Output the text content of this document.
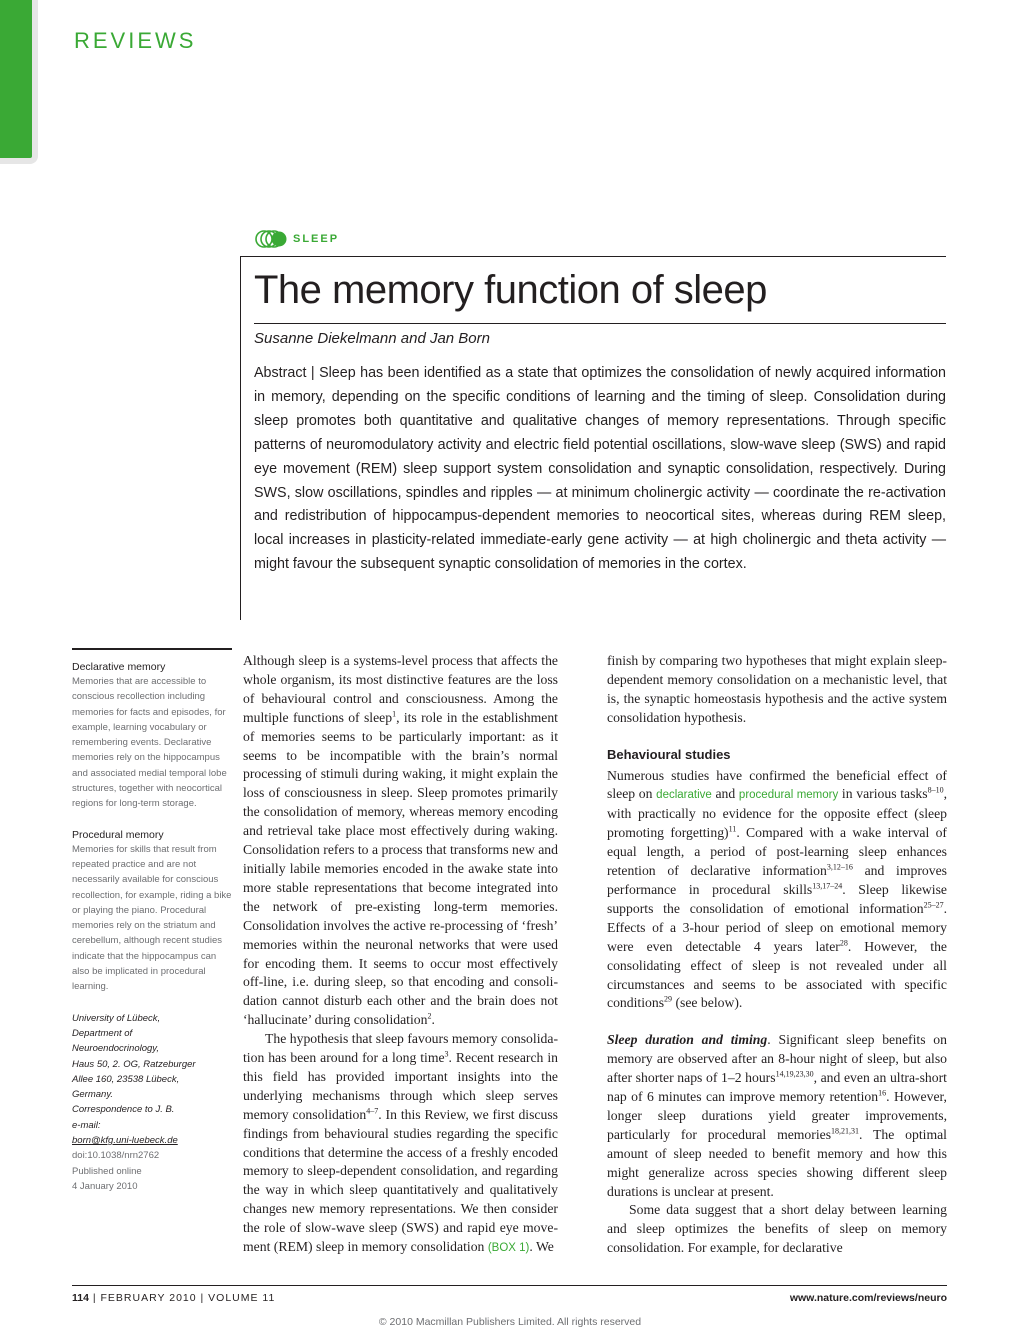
REVIEWS
SLEEP
The memory function of sleep
Susanne Diekelmann and Jan Born

Abstract | Sleep has been identified as a state that optimizes the consolidation of newly acquired information in memory, depending on the specific conditions of learning and the timing of sleep. Consolidation during sleep promotes both quantitative and qualitative changes of memory representations. Through specific patterns of neuromodulatory activity and electric field potential oscillations, slow-wave sleep (SWS) and rapid eye movement (REM) sleep support system consolidation and synaptic consolidation, respectively. During SWS, slow oscillations, spindles and ripples — at minimum cholinergic activity — coordinate the re-activation and redistribution of hippocampus-dependent memories to neocortical sites, whereas during REM sleep, local increases in plasticity-related immediate-early gene activity — at high cholinergic and theta activity — might favour the subsequent synaptic consolidation of memories in the cortex.

Declarative memory
Memories that are accessible to conscious recollection including memories for facts and episodes, for example, learning vocabulary or remembering events. Declarative memories rely on the hippocampus and associated medial temporal lobe structures, together with neocortical regions for long-term storage.
Procedural memory
Memories for skills that result from repeated practice and are not necessarily available for conscious recollection, for example, riding a bike or playing the piano. Procedural memories rely on the striatum and cerebellum, although recent studies indicate that the hippocampus can also be implicated in procedural learning.
University of Lübeck,
Department of
Neuroendocrinology,
Haus 50, 2. OG, Ratzeburger
Allee 160, 23538 Lübeck,
Germany.
Correspondence to J. B.
e-mail:
born@kfg.uni-luebeck.de
doi:10.1038/nrn2762
Published online
4 January 2010

Although sleep is a systems-level process that affects the whole organism, its most distinctive features are the loss of behavioural control and consciousness. Among the multiple functions of sleep$^1$, its role in the establishment of memories seems to be particularly important: as it seems to be incompatible with the brain’s normal processing of stimuli during waking, it might explain the loss of consciousness in sleep. Sleep promotes primarily the consolidation of memory, whereas memory encoding and retrieval take place most effectively during waking. Consolidation refers to a process that transforms new and initially labile memories encoded in the awake state into more stable representations that become integrated into the network of pre-existing long-term memories. Consolidation involves the active re-processing of ‘fresh’ memories within the neuronal networks that were used for encoding them. It seems to occur most effectively off-line, i.e. during sleep, so that encoding and consolidation cannot disturb each other and the brain does not ‘hallucinate’ during consolidation$^2$.

The hypothesis that sleep favours memory consolidation has been around for a long time$^3$. Recent research in this field has provided important insights into the underlying mechanisms through which sleep serves memory consolidation$^{4-7}$. In this Review, we first discuss findings from behavioural studies regarding the specific conditions that determine the access of a freshly encoded memory to sleep-dependent consolidation, and regarding the way in which sleep quantitatively and qualitatively changes new memory representations. We then consider the role of slow-wave sleep (SWS) and rapid eye movement (REM) sleep in memory consolidation (BOX 1). We

finish by comparing two hypotheses that might explain sleep-dependent memory consolidation on a mechanistic level, that is, the synaptic homeostasis hypothesis and the active system consolidation hypothesis.

Behavioural studies

Numerous studies have confirmed the beneficial effect of sleep on declarative and procedural memory in various tasks$^{8-10}$, with practically no evidence for the opposite effect (sleep promoting forgetting)$^{11}$. Compared with a wake interval of equal length, a period of post-learning sleep enhances retention of declarative information$^{3,12-16}$ and improves performance in procedural skills$^{13,17-24}$. Sleep likewise supports the consolidation of emotional information$^{25-27}$. Effects of a 3-hour period of sleep on emotional memory were even detectable 4 years later$^{28}$. However, the consolidating effect of sleep is not revealed under all circumstances and seems to be associated with specific conditions$^{29}$ (see below).

Sleep duration and timing. Significant sleep benefits on memory are observed after an 8-hour night of sleep, but also after shorter naps of 1–2 hours$^{14,19,23,30}$, and even an ultra-short nap of 6 minutes can improve memory retention$^{16}$. However, longer sleep durations yield greater improvements, particularly for procedural memories$^{18,21,31}$. The optimal amount of sleep needed to benefit memory and how this might generalize across species showing different sleep durations is unclear at present.

Some data suggest that a short delay between learning and sleep optimizes the benefits of sleep on memory consolidation. For example, for declarative

114 | FEBRUARY 2010 | VOLUME 11	www.nature.com/reviews/neuro
© 2010 Macmillan Publishers Limited. All rights reserved
